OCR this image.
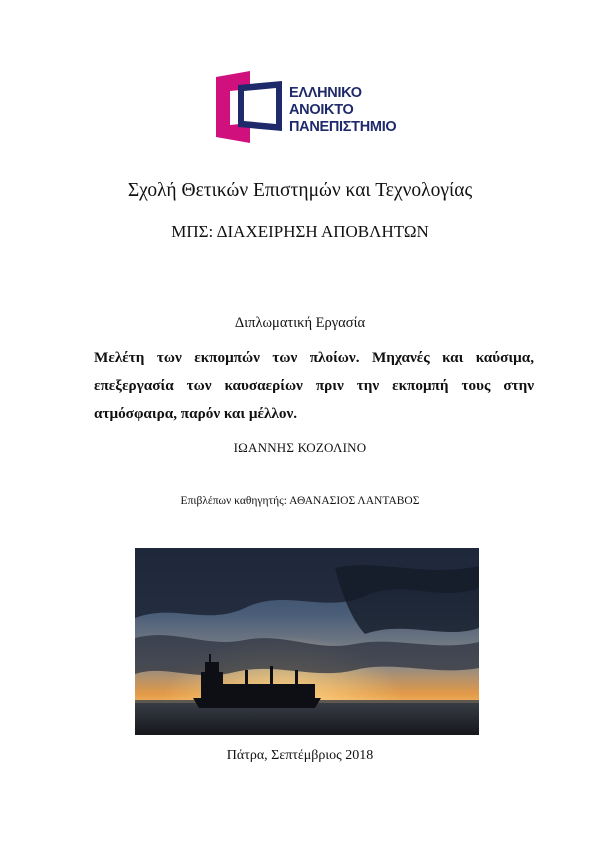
ΕΛΛΗΝΙΚΟ
ΑΝΟΙΚΤΟ
ΠΑΝΕΠΙΣΤΗΜΙΟ
Σχολή Θετικών Επιστημών και Τεχνολογίας
ΜΠΣ: ΔΙΑΧΕΙΡΗΣΗ ΑΠΟΒΛΗΤΩΝ
Διπλωματική Εργασία
Μελέτη των εκπομπών των πλοίων. Μηχανές και καύσιμα, επεξεργασία των καυσαερίων πριν την εκπομπή τους στην ατμόσφαιρα, παρόν και μέλλον.
ΙΩΑΝΝΗΣ ΚΟΖΟΛΙΝΟ
Επιβλέπων καθηγητής: ΑΘΑΝΑΣΙΟΣ ΛΑΝΤΑΒΟΣ
Πάτρα, Σεπτέμβριος 2018
